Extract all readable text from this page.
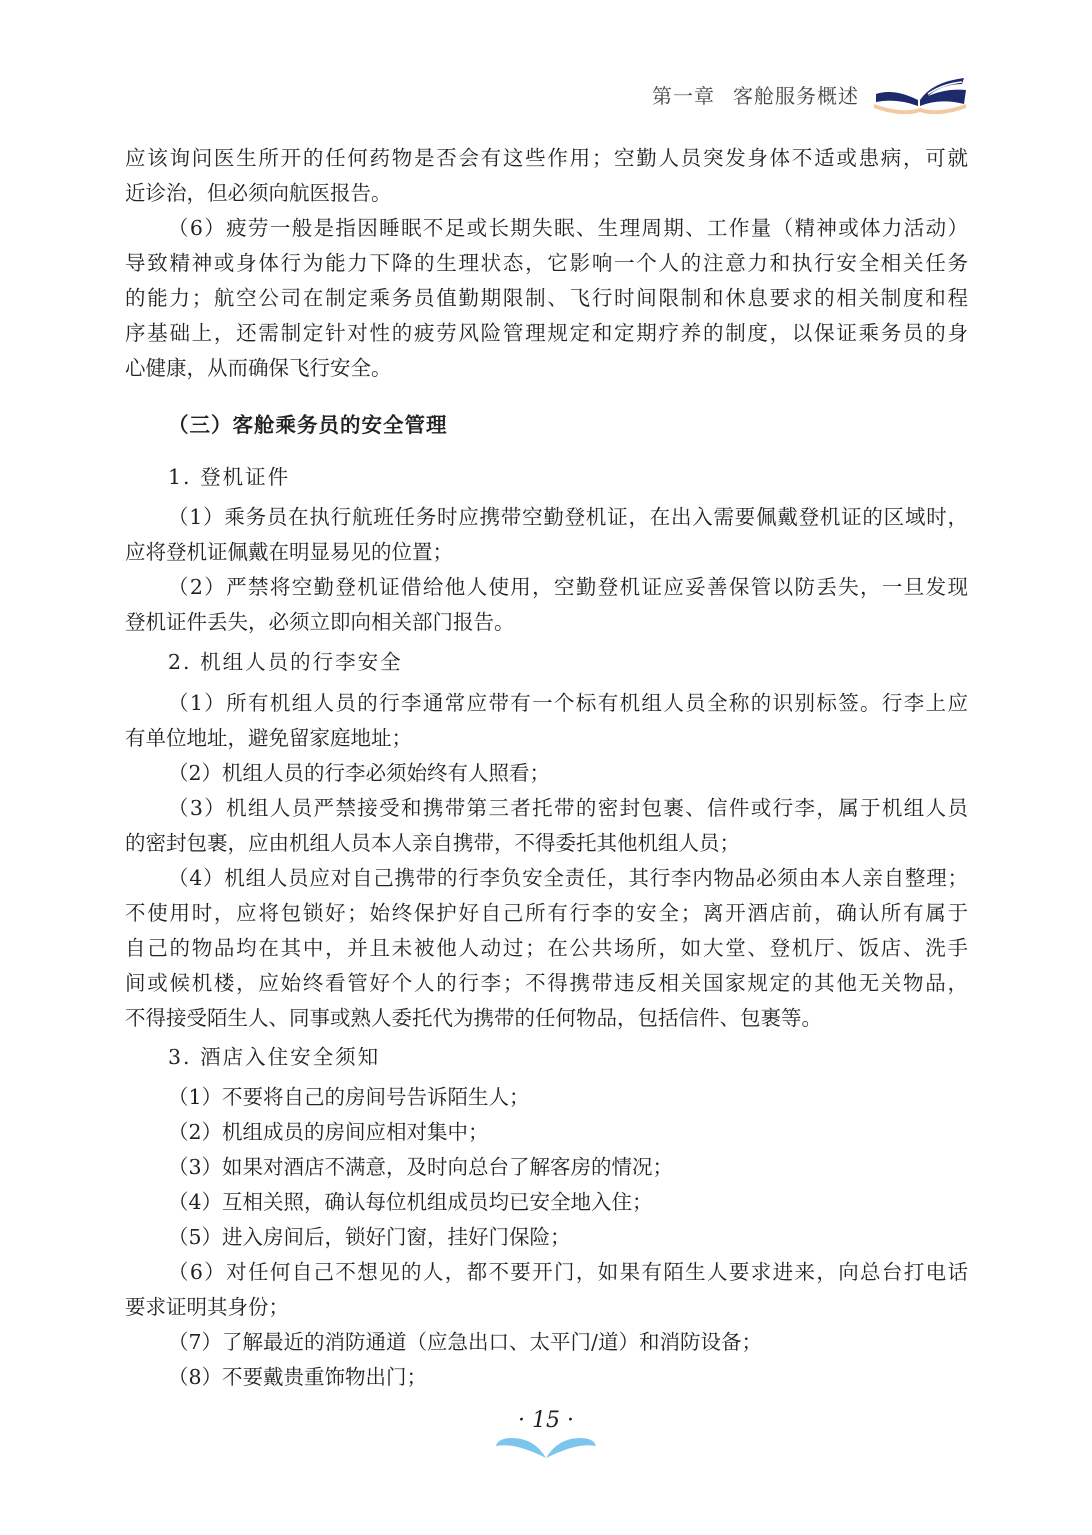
第一章 客舱服务概述
应该询问医生所开的任何药物是否会有这些作用；空勤人员突发身体不适或患病，可就
近诊治，但必须向航医报告。
（6）疲劳一般是指因睡眠不足或长期失眠、生理周期、工作量（精神或体力活动）
导致精神或身体行为能力下降的生理状态，它影响一个人的注意力和执行安全相关任务
的能力；航空公司在制定乘务员值勤期限制、飞行时间限制和休息要求的相关制度和程
序基础上，还需制定针对性的疲劳风险管理规定和定期疗养的制度，以保证乘务员的身
心健康，从而确保飞行安全。
（三）客舱乘务员的安全管理
1. 登机证件
（1）乘务员在执行航班任务时应携带空勤登机证，在出入需要佩戴登机证的区域时，
应将登机证佩戴在明显易见的位置；
（2）严禁将空勤登机证借给他人使用，空勤登机证应妥善保管以防丢失，一旦发现
登机证件丢失，必须立即向相关部门报告。
2. 机组人员的行李安全
（1）所有机组人员的行李通常应带有一个标有机组人员全称的识别标签。行李上应
有单位地址，避免留家庭地址；
（2）机组人员的行李必须始终有人照看；
（3）机组人员严禁接受和携带第三者托带的密封包裹、信件或行李，属于机组人员
的密封包裹，应由机组人员本人亲自携带，不得委托其他机组人员；
（4）机组人员应对自己携带的行李负安全责任，其行李内物品必须由本人亲自整理；
不使用时，应将包锁好；始终保护好自己所有行李的安全；离开酒店前，确认所有属于
自己的物品均在其中，并且未被他人动过；在公共场所，如大堂、登机厅、饭店、洗手
间或候机楼，应始终看管好个人的行李；不得携带违反相关国家规定的其他无关物品，
不得接受陌生人、同事或熟人委托代为携带的任何物品，包括信件、包裹等。
3. 酒店入住安全须知
（1）不要将自己的房间号告诉陌生人；
（2）机组成员的房间应相对集中；
（3）如果对酒店不满意，及时向总台了解客房的情况；
（4）互相关照，确认每位机组成员均已安全地入住；
（5）进入房间后，锁好门窗，挂好门保险；
（6）对任何自己不想见的人，都不要开门，如果有陌生人要求进来，向总台打电话
要求证明其身份；
（7）了解最近的消防通道（应急出口、太平门/道）和消防设备；
（8）不要戴贵重饰物出门；
· 15 ·
